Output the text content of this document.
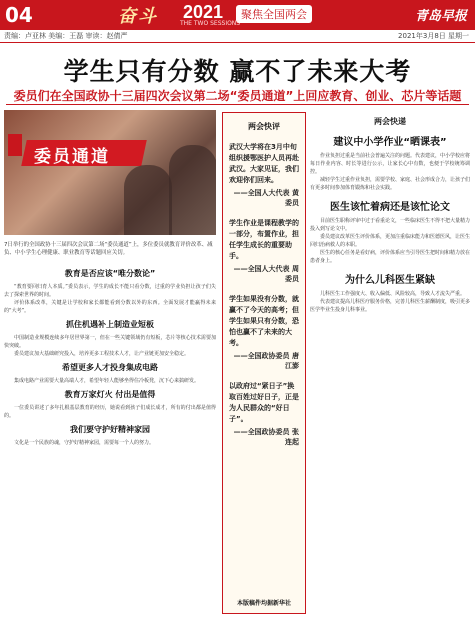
04	奋斗 2021	聚焦全国两会
THE TWO SESSIONS	青岛早报
责编：卢亚林 美编：王磊 审读：赵倩严	2021年3月8日 星期一
学生只有分数 赢不了未来大考
委员们在全国政协十三届四次会议第二场“委员通道”上回应教育、创业、芯片等话题
委员通道
7日举行的全国政协十三届四次会议第二场“委员通道”上，多位委员就教育评价改革、减负、中小学生心理健康、职业教育等话题回应关切。
教育是否应该“唯分数论”

“教育要回归育人本质。”委员表示，学生的成长不能只看分数，过重的学业负担让孩子们失去了探索世界的时间。

评价体系改革，关键是让学校和家长都能看到分数以外的东西。全面发展才能赢得未来的“大考”。

抓住机遇补上制造业短板

中国制造业规模连续多年居世界第一，但在一些关键领域仍有短板，芯片等核心技术需要加快突破。

委员建议加大基础研究投入，培养更多工程技术人才，让产业链更加安全稳定。

希望更多人才投身集成电路

集成电路产业需要大量高端人才，希望年轻人能够坐得住冷板凳，沉下心来搞研发。

教育万家灯火 付出是值得

一位委员讲述了多年扎根基层教育的经历，她说看到孩子们成长成才，所有的付出都是值得的。

我们要守护好精神家园

文化是一个民族的魂，守护好精神家园，需要每一个人的努力。

两会快评
武汉大学将在3月中旬组织援鄂医护人员再赴武汉。大家见证，我们欢迎你们回来。
——全国人大代表 黄委员
学生作业是课程教学的一部分，布置作业，担任学生成长的重要助手。
——全国人大代表 周委员
学生如果没有分数，就赢不了今天的高考；但学生如果只有分数，恐怕也赢不了未来的大考。
——全国政协委员 唐江澎
以政府过“紧日子”换取百姓过好日子，正是为人民群众的“好日子”。
——全国政协委员 张连起
本版稿件均据新华社
两会快递
建议中小学作业“晒课表”

作业负担过重是当前社会普遍关注的问题。代表建议，中小学校应将每日作业内容、时长等进行公示，让家长心中有数，也便于学校统筹调控。

减轻学生过重作业负担，需要学校、家庭、社会形成合力，让孩子们有更多时间参加体育锻炼和社会实践。

医生该忙着病还是该忙论文

目前医生职称评审中过于看重论文，一些临床医生不得不把大量精力投入到写论文中。

委员建议改革医生评价体系，更加注重临床能力和医德医风，让医生回归治病救人的本职。

医生的核心任务是看好病，评价体系应当引导医生把时间和精力放在患者身上。

为什么儿科医生紧缺

儿科医生工作强度大、收入偏低、风险较高，导致人才流失严重。

代表建议提高儿科医疗服务价格，完善儿科医生薪酬制度，吸引更多医学毕业生投身儿科事业。
